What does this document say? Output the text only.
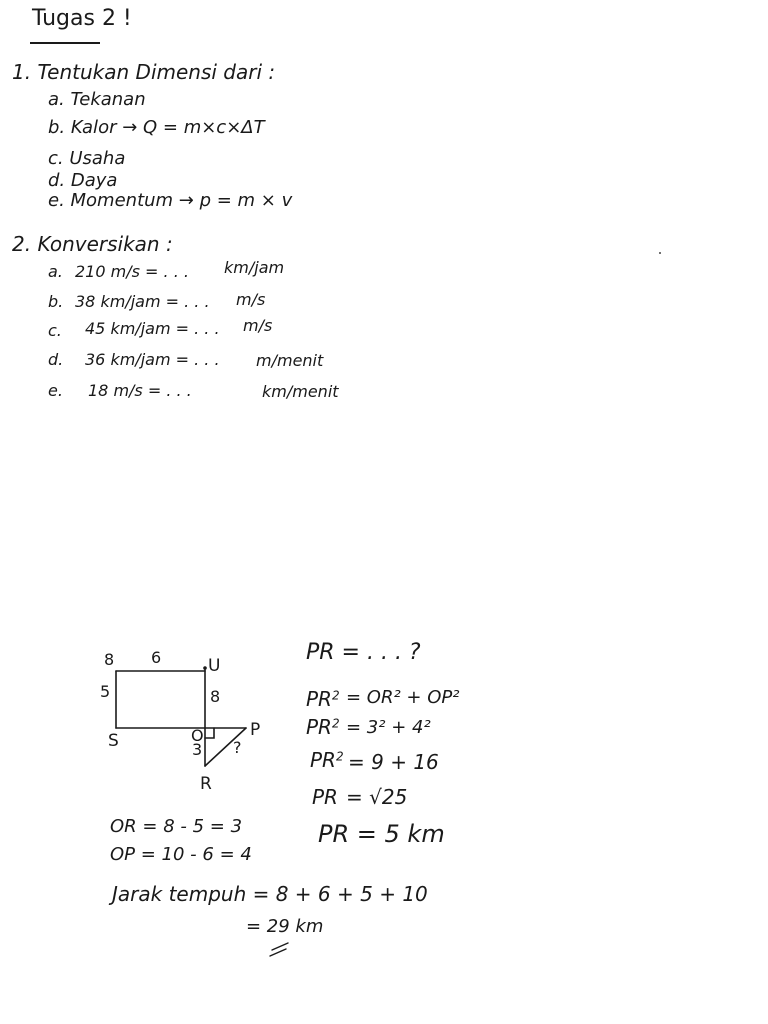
Tugas 2 !
1. Tentukan Dimensi dari :
a. Tekanan
b. Kalor → Q = m×c×ΔT
c. Usaha
d. Daya
e. Momentum → p = m × v
2. Konversikan :
a. 210 m/s = . . . km/jam
b. 38 km/jam = . . . m/s
c. 45 km/jam = . . . m/s
d. 36 km/jam = . . . m/menit
e. 18 m/s = . . .	km/menit
8 6
5
U
8
S	O	P
3 ?
R
OR = 8 - 5 = 3
OP = 10 - 6 = 4
Jarak tempuh = 8 + 6 + 5 + 10
= 29 km
PR = . . . ?
$PR^2 = OR^2 + OP^2$
$PR^2 = 3^2 + 4^2$
$PR^2 = 9 + 16$
PR = √25
PR = 5 km
